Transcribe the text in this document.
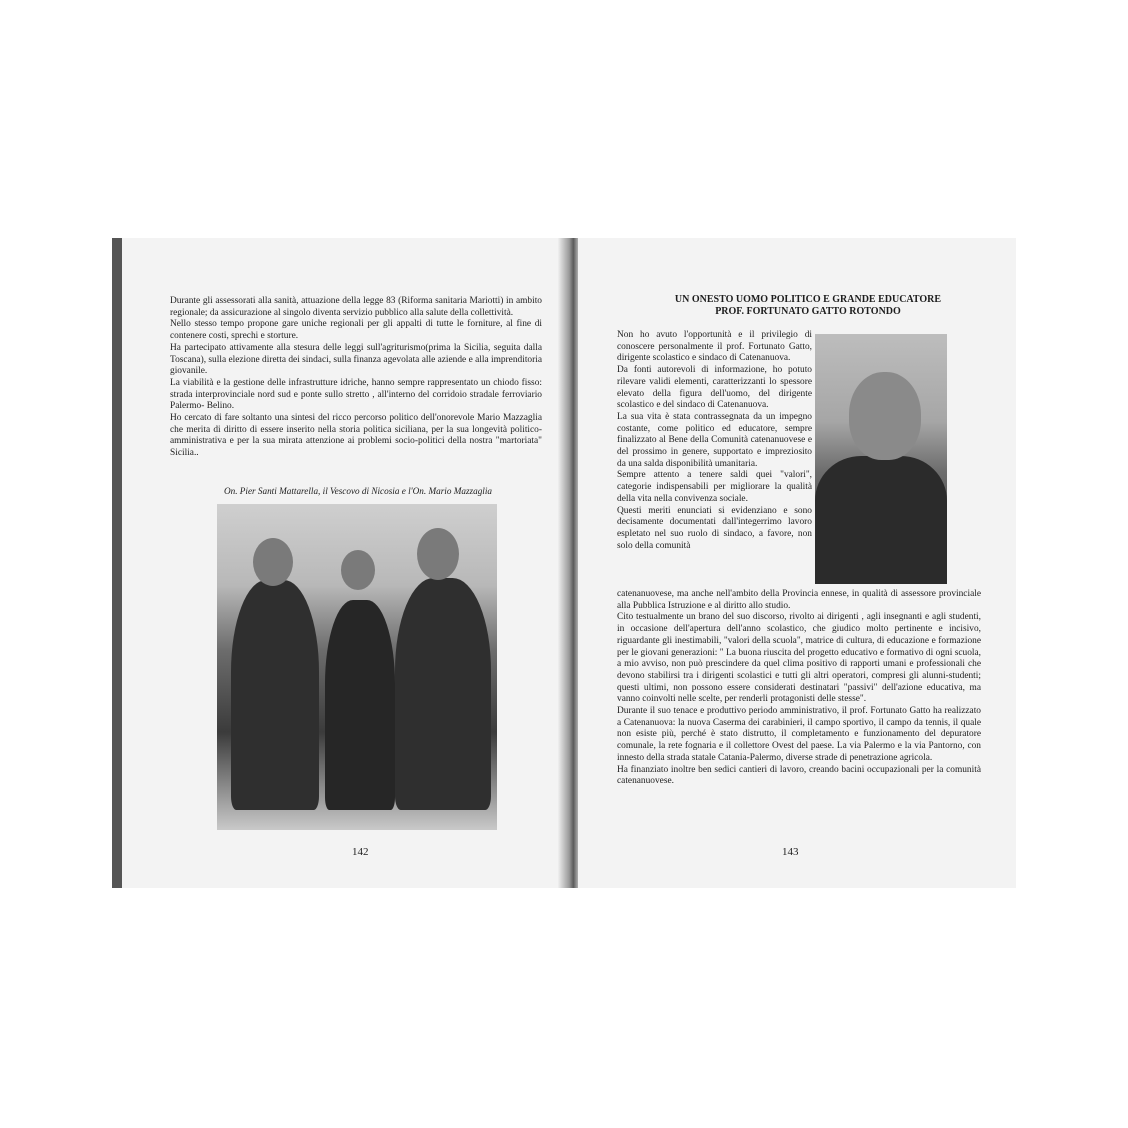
Durante gli assessorati alla sanità, attuazione della legge 83 (Riforma sanitaria Mariotti) in ambito regionale; da assicurazione al singolo diventa servizio pubblico alla salute della collettività.

Nello stesso tempo propone gare uniche regionali per gli appalti di tutte le forniture, al fine di contenere costi, sprechi e storture.

Ha partecipato attivamente alla stesura delle leggi sull'agriturismo(prima la Sicilia, seguita dalla Toscana), sulla elezione diretta dei sindaci, sulla finanza agevolata alle aziende e alla imprenditoria giovanile.

La viabilità e la gestione delle infrastrutture idriche, hanno sempre rappresentato un chiodo fisso: strada interprovinciale nord sud e ponte sullo stretto , all'interno del corridoio stradale ferroviario Palermo- Belino.

Ho cercato di fare soltanto una sintesi del ricco percorso politico dell'onorevole Mario Mazzaglia che merita di diritto di essere inserito nella storia politica siciliana, per la sua longevità politico- amministrativa e per la sua mirata attenzione ai problemi socio-politici della nostra "martoriata" Sicilia..

On. Pier Santi Mattarella, il Vescovo di Nicosia e l'On. Mario Mazzaglia
142
UN ONESTO UOMO POLITICO E GRANDE EDUCATORE
PROF. FORTUNATO GATTO ROTONDO

Non ho avuto l'opportunità e il privilegio di conoscere personalmente il prof. Fortunato Gatto, dirigente scolastico e sindaco di Catenanuova.

Da fonti autorevoli di informazione, ho potuto rilevare validi elementi, caratterizzanti lo spessore elevato della figura dell'uomo, del dirigente scolastico e del sindaco di Catenanuova.

La sua vita è stata contrassegnata da un impegno costante, come politico ed educatore, sempre finalizzato al Bene della Comunità catenanuovese e del prossimo in genere, supportato e impreziosito da una salda disponibilità umanitaria.

Sempre attento a tenere saldi quei "valori", categorie indispensabili per migliorare la qualità della vita nella convivenza sociale.

Questi meriti enunciati si evidenziano e sono decisamente documentati dall'integerrimo lavoro espletato nel suo ruolo di sindaco, a favore, non solo della comunità

catenanuovese, ma anche nell'ambito della Provincia ennese, in qualità di assessore provinciale alla Pubblica Istruzione e al diritto allo studio.

Cito testualmente un brano del suo discorso, rivolto ai dirigenti , agli insegnanti e agli studenti, in occasione dell'apertura dell'anno scolastico, che giudico molto pertinente e incisivo, riguardante gli inestimabili, "valori della scuola", matrice di cultura, di educazione e formazione per le giovani generazioni: " La buona riuscita del progetto educativo e formativo di ogni scuola, a mio avviso, non può prescindere da quel clima positivo di rapporti umani e professionali che devono stabilirsi tra i dirigenti scolastici e tutti gli altri operatori, compresi gli alunni-studenti; questi ultimi, non possono essere considerati destinatari "passivi" dell'azione educativa, ma vanno coinvolti nelle scelte, per renderli protagonisti delle stesse".

Durante il suo tenace e produttivo periodo amministrativo, il prof. Fortunato Gatto ha realizzato a Catenanuova: la nuova Caserma dei carabinieri, il campo sportivo, il campo da tennis, il quale non esiste più, perché è stato distrutto, il completamento e funzionamento del depuratore comunale, la rete fognaria e il collettore Ovest del paese. La via Palermo e la via Pantorno, con innesto della strada statale Catania-Palermo, diverse strade di penetrazione agricola.

Ha finanziato inoltre ben sedici cantieri di lavoro, creando bacini occupazionali per la comunità catenanuovese.

143
